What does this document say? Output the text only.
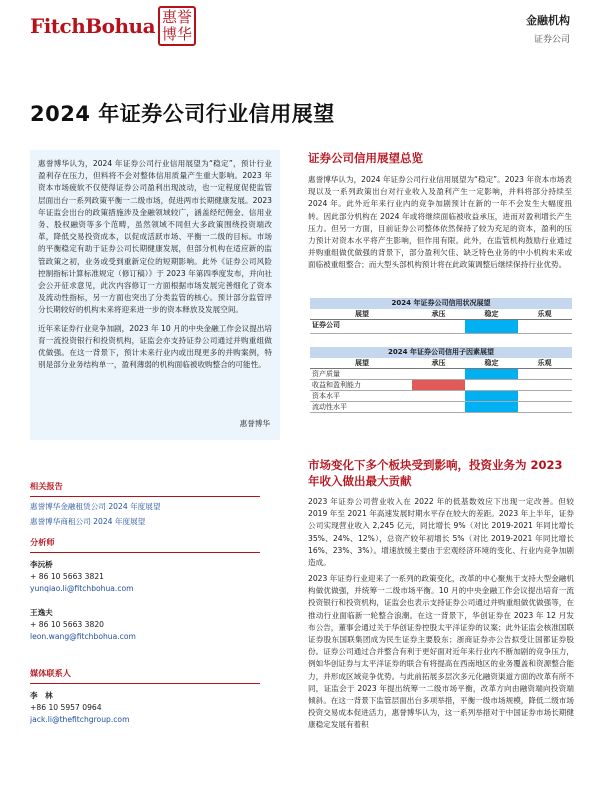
FitchBohua 惠誉
博华
金融机构
证券公司
2024 年证券公司行业信用展望

惠誉博华认为，2024 年证券公司行业信用展望为“稳定”，预计行业盈利存在压力，但料将不会对整体信用质量产生重大影响。2023 年资本市场疲软不仅使得证券公司盈利出现波动，也一定程度促使监管层面出台一系列政策平衡一二级市场，促进两市长期健康发展。2023 年证监会出台的政策措施涉及金融领域较广，涵盖经纪佣金、信用业务、股权融资等多个范畴，虽然领域不同但大多政策围绕投资端改革，降低交易投资成本，以促成活跃市场、平衡一二级的目标。市场的平衡稳定有助于证券公司长期健康发展，但部分机构在适应新的监管政策之初，业务或受到重新定位的短期影响。此外《证券公司风险控制指标计算标准规定（修订稿）》于 2023 年第四季度发布，并向社会公开征求意见，此次内容修订一方面根据市场发展完善细化了资本及流动性指标，另一方面也突出了分类监管的核心。预计部分监管评分长期较好的机构未来将迎来进一步的资本释放及发展空间。

近年来证券行业竞争加剧，2023 年 10 月的中央金融工作会议提出培育一流投资银行和投资机构，证监会亦支持证券公司通过并购重组做优做强。在这一背景下，预计未来行业内或出现更多的并购案例，特别是部分业务结构单一，盈利薄弱的机构面临被收购整合的可能性。

惠誉博华
证券公司信用展望总览
惠誉博华认为，2024 年证券公司行业信用展望为“稳定”。2023 年资本市场表现以及一系列政策出台对行业收入及盈利产生一定影响，并料将部分持续至 2024 年。此外近年来行业内的竞争加剧预计在新的一年不会发生大幅度扭转。因此部分机构在 2024 年或将继续面临被收益承压，进而对盈利增长产生压力。但另一方面，目前证券公司整体依然保持了较为充足的资本，盈利的压力预计对资本水平将产生影响，但作用有限。此外，在监管机构鼓励行业通过并购重组做优做强的背景下，部分盈利欠佳、缺乏特色业务的中小机构未来或面临被重组整合；而大型头部机构预计将在此政策调整后继续保持行业优势。
2024 年证券公司信用状况展望
展望	承压	稳定	乐观
证券公司
2024 年证券公司信用子因素展望
展望	承压	稳定	乐观
资产质量
收益和盈利能力
资本水平
流动性水平
市场变化下多个板块受到影响，投资业务为 2023 年收入做出最大贡献
2023 年证券公司营业收入在 2022 年的低基数效应下出现一定改善。但较 2019 年至 2021 年高速发展时期水平存在较大的差距。2023 年上半年，证券公司实现营业收入 2,245 亿元，同比增长 9%（对比 2019-2021 年同比增长 35%、24%、12%），总资产较年初增长 5%（对比 2019-2021 年同比增长 16%、23%、3%）。增速放缓主要由于宏观经济环境的变化、行业内竞争加剧造成。
2023 年证券行业迎来了一系列的政策变化，改革的中心聚焦于支持大型金融机构做优做强，并统筹一二级市场平衡。10 月的中央金融工作会议提出培育一流投资银行和投资机构，证监会也表示支持证券公司通过并购重组做优做强等，在推动行业面临新一轮整合浪潮。在这一背景下，华创证券在 2023 年 12 月发布公告，董事会通过关于华创证券控股太平洋证券的议案；此外证监会核准国联证券股东国联集团成为民生证券主要股东；浙商证券亦公告拟受让国都证券股份。证券公司通过合并整合有利于更好面对近年来行业内不断加剧的竞争压力，例如华创证券与太平洋证券的联合有将提高在西南地区的业务覆盖和资源整合能力，并形成区域竞争优势。与此前拓展多层次多元化融资渠道方面的改革有所不同，证监会于 2023 年提出统筹一二级市场平衡，改革方向由融资端向投资端倾斜。在这一背景下监管层面出台多项举措，平衡一级市场规模，降低二级市场投资交易成本促进活力，惠誉博华认为，这一系列举措对于中国证券市场长期健康稳定发展有着积
相关报告
惠誉博华金融租赁公司 2024 年度展望
惠誉博华商租公司 2024 年度展望
分析师
李沅桥
+ 86 10 5663 3821
yunqiao.li@fitchbohua.com
王逸夫
+ 86 10 5663 3820
leon.wang@fitchbohua.com
媒体联系人
李　林
+86 10 5957 0964
jack.li@thefitchgroup.com
